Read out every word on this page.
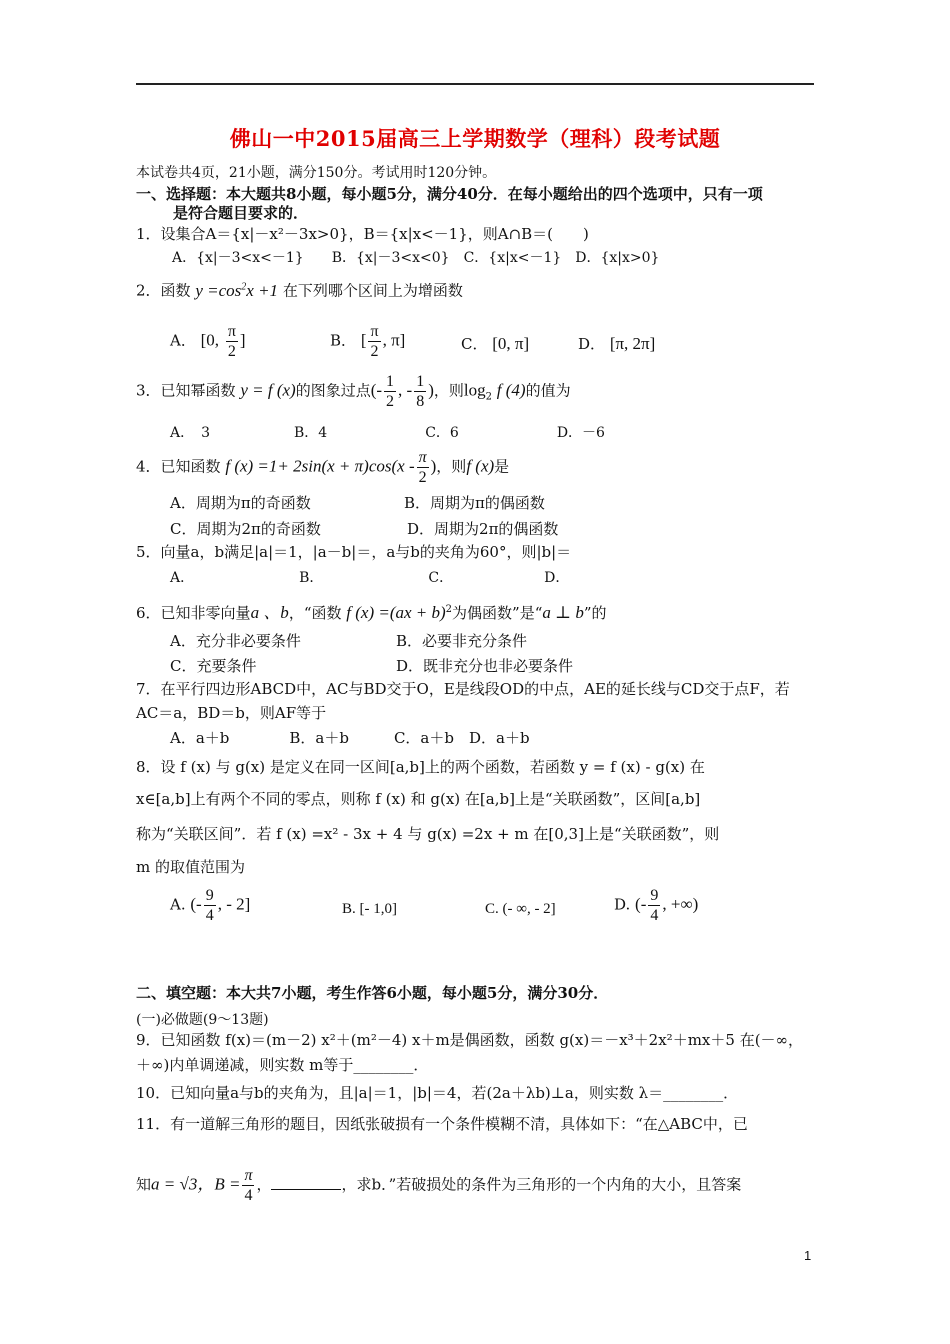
佛山一中2015届高三上学期数学（理科）段考试题
本试卷共4页，21小题，满分150分。考试用时120分钟。
一、选择题：本大题共8小题，每小题5分，满分40分．在每小题给出的四个选项中，只有一项
是符合题目要求的．
1．设集合A＝{x|－x²－3x>0}，B＝{x|x<－1}，则A∩B＝(　　)
A．{x|－3<x<－1}　　B．{x|－3<x<0}　C．{x|x<－1}　D．{x|x>0}
2．函数 $y =\cos^2x +1$ 在下列哪个区间上为增函数
A． [0, $\frac{\pi}{2}$ ]	B． [ $\frac{\pi}{2}$ , π]	C． [0, π]	D． [π, 2π]
3．已知幂函数 y = f (x)的图象过点(- $\frac{1}{2}$ , - $\frac{1}{8}$ )，则$\log_2 f$ (4)的值为
A．　3　　　　　　B．4　　　　　　　C．6　　　　　　　D．－6
4．已知函数 f $(x) =1+ 2\sin(x + \pi)\cos(x - \frac{\pi}{2}$ )，则f (x)是
A．周期为π的奇函数	B．周期为π的偶函数
C．周期为2π的奇函数	D．周期为2π的偶函数
5．向量a，b满足|a|＝1，|a－b|＝，a与b的夹角为60°，则|b|＝
A．　　　　　　　　B．　　　　　　　　C．　　　　　　　D．
6．已知非零向量a 、b，“函数 f (x) =(ax + b)$^2$为偶函数”是“a ⊥ b”的
A．充分非必要条件	B．必要非充分条件
C．充要条件	D．既非充分也非必要条件
7．在平行四边形ABCD中，AC与BD交于O，E是线段OD的中点，AE的延长线与CD交于点F，若
AC＝a，BD＝b，则AF等于
A．a＋b　　　　B．a＋b　　　C．a＋b　D．a＋b
8．设 f (x) 与 g(x) 是定义在同一区间[a,b]上的两个函数，若函数 y = f (x) - g(x) 在
x∈[a,b]上有两个不同的零点，则称 f (x) 和 g(x) 在[a,b]上是“关联函数”，区间[a,b]
称为“关联区间”．若 f (x) =x² - 3x + 4 与 g(x) =2x + m 在[0,3]上是“关联函数”，则
m 的取值范围为
A. (- $\frac{9}{4}$ , - 2]	B. [- 1,0]	C. (- ∞, - 2]	D. (- $\frac{9}{4}$ , +∞)
二、填空题：本大共7小题，考生作答6小题，每小题5分，满分30分．
(一)必做题(9～13题)
9．已知函数 f(x)＝(m－2) x²＋(m²－4) x＋m是偶函数，函数 g(x)＝－x³＋2x²＋mx＋5 在(－∞，
＋∞)内单调递减，则实数 m等于________．
10．已知向量a与b的夹角为，且|a|＝1，|b|＝4，若(2a＋λb)⊥a，则实数 λ＝________．
11．有一道解三角形的题目，因纸张破损有一个条件模糊不清，具体如下：“在△ABC中，已
知a = √3，$B = \frac{\pi}{4}$ ，	，求b．”若破损处的条件为三角形的一个内角的大小，且答案
1
